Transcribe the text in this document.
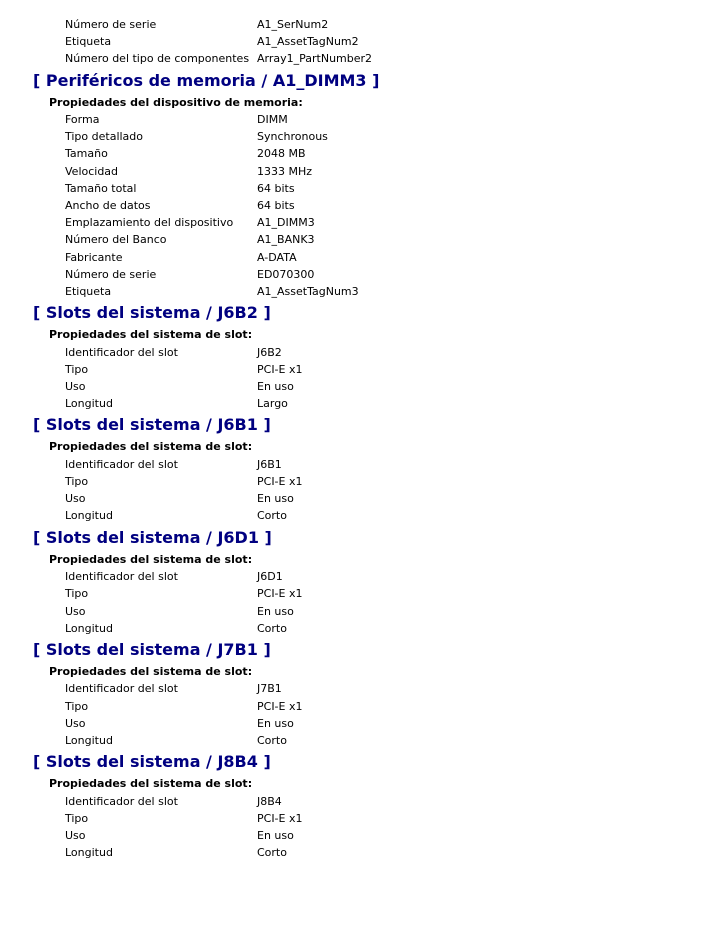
Número de serie	A1_SerNum2
Etiqueta	A1_AssetTagNum2
Número del tipo de componentes Array1_PartNumber2
[ Periféricos de memoria / A1_DIMM3 ]
Propiedades del dispositivo de memoria:
Forma	DIMM
Tipo detallado	Synchronous
Tamaño	2048 MB
Velocidad	1333 MHz
Tamaño total	64 bits
Ancho de datos	64 bits
Emplazamiento del dispositivo A1_DIMM3
Número del Banco	A1_BANK3
Fabricante	A-DATA
Número de serie	ED070300
Etiqueta	A1_AssetTagNum3
[ Slots del sistema / J6B2 ]
Propiedades del sistema de slot:
Identificador del slot	J6B2
Tipo	PCI-E x1
Uso	En uso
Longitud	Largo
[ Slots del sistema / J6B1 ]
Propiedades del sistema de slot:
Identificador del slot	J6B1
Tipo	PCI-E x1
Uso	En uso
Longitud	Corto
[ Slots del sistema / J6D1 ]
Propiedades del sistema de slot:
Identificador del slot	J6D1
Tipo	PCI-E x1
Uso	En uso
Longitud	Corto
[ Slots del sistema / J7B1 ]
Propiedades del sistema de slot:
Identificador del slot	J7B1
Tipo	PCI-E x1
Uso	En uso
Longitud	Corto
[ Slots del sistema / J8B4 ]
Propiedades del sistema de slot:
Identificador del slot	J8B4
Tipo	PCI-E x1
Uso	En uso
Longitud	Corto
